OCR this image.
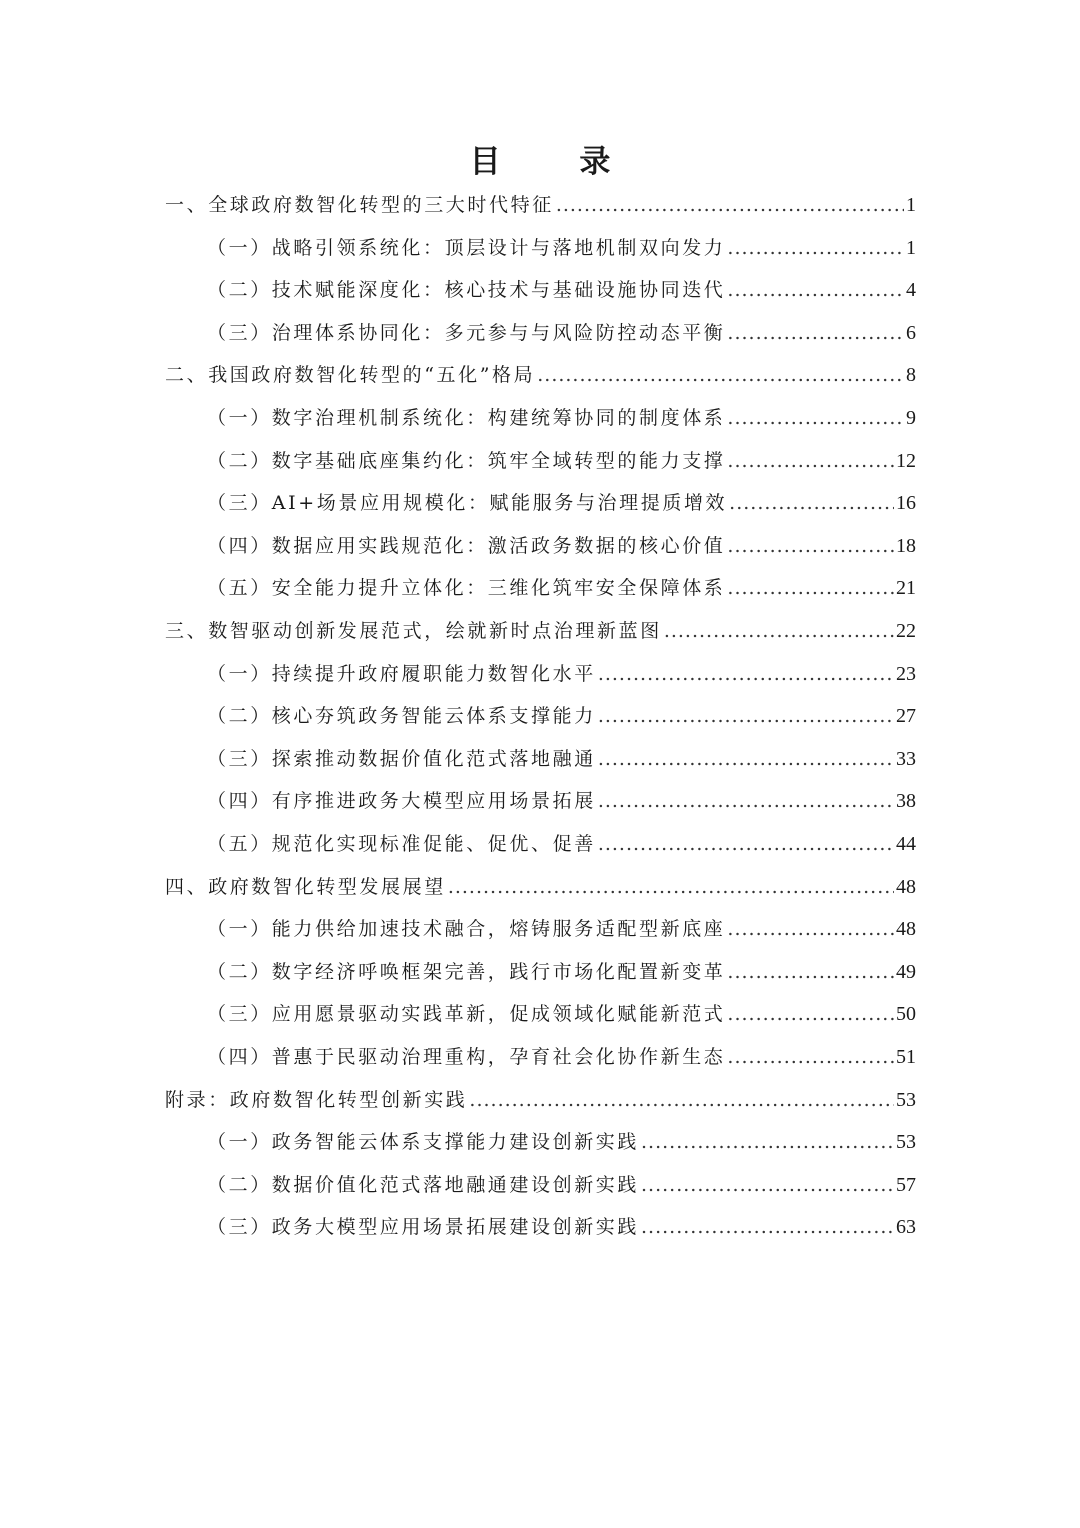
目 录
一、全球政府数智化转型的三大时代特征 .....	1
（一）战略引领系统化：顶层设计与落地机制双向发力 .....	1
（二）技术赋能深度化：核心技术与基础设施协同迭代 .....	4
（三）治理体系协同化：多元参与与风险防控动态平衡 .....	6
二、我国政府数智化转型的“五化”格局 .....	8
（一）数字治理机制系统化：构建统筹协同的制度体系 .....	9
（二）数字基础底座集约化：筑牢全域转型的能力支撑 .....	12
（三）AI+场景应用规模化：赋能服务与治理提质增效 .....	16
（四）数据应用实践规范化：激活政务数据的核心价值 .....	18
（五）安全能力提升立体化：三维化筑牢安全保障体系 .....	21
三、数智驱动创新发展范式，绘就新时点治理新蓝图 .....	22
（一）持续提升政府履职能力数智化水平 .....	23
（二）核心夯筑政务智能云体系支撑能力 .....	27
（三）探索推动数据价值化范式落地融通 .....	33
（四）有序推进政务大模型应用场景拓展 .....	38
（五）规范化实现标准促能、促优、促善 .....	44
四、政府数智化转型发展展望 .....	48
（一）能力供给加速技术融合，熔铸服务适配型新底座 .....	48
（二）数字经济呼唤框架完善，践行市场化配置新变革 .....	49
（三）应用愿景驱动实践革新，促成领域化赋能新范式 .....	50
（四）普惠于民驱动治理重构，孕育社会化协作新生态 .....	51
附录：政府数智化转型创新实践 .....	53
（一）政务智能云体系支撑能力建设创新实践 .....	53
（二）数据价值化范式落地融通建设创新实践 .....	57
（三）政务大模型应用场景拓展建设创新实践 .....	63
